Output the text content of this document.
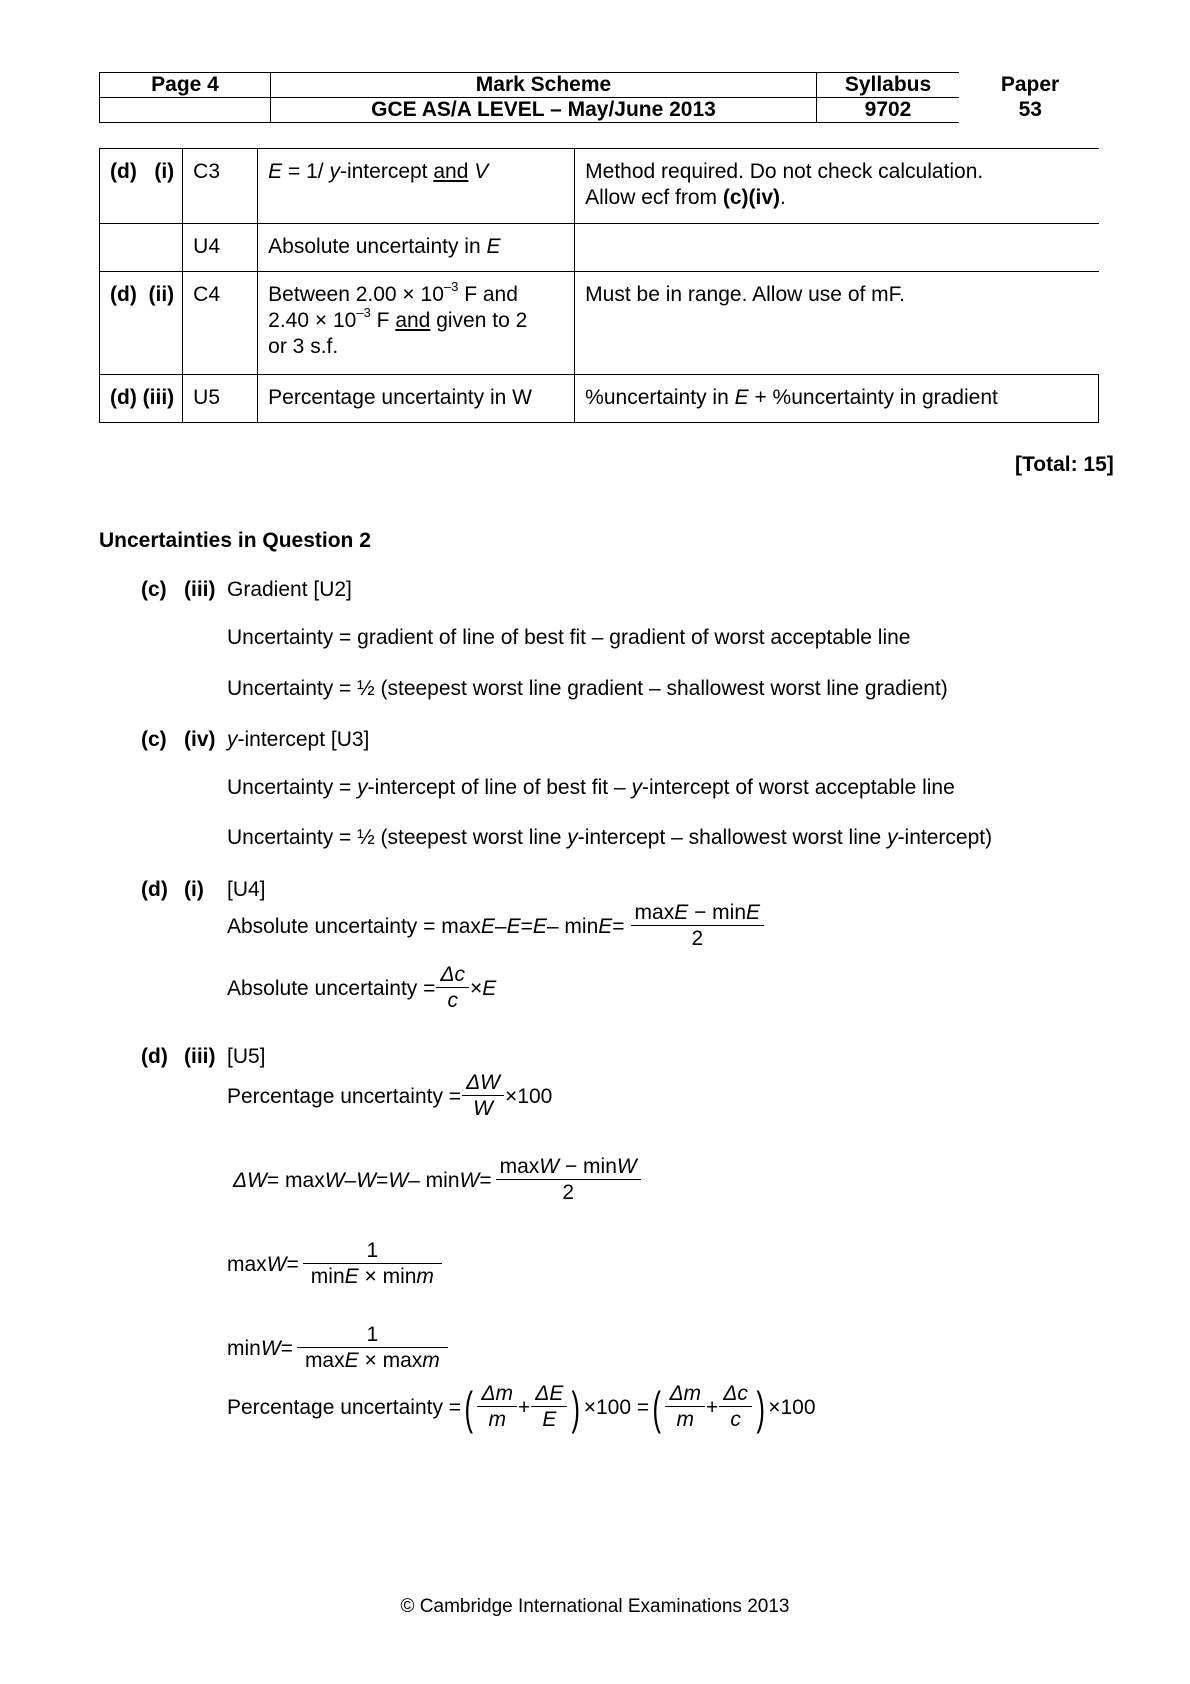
Page 4	Mark Scheme	Syllabus	Paper
	GCE AS/A LEVEL – May/June 2013	9702	53
(d) (i)	C3	E = 1/ y-intercept and V	Method required. Do not check calculation.
Allow ecf from (c)(iv).
	U4	Absolute uncertainty in E	
(d) (ii)	C4	Between $2.00 \times 10^{-3}$ F and
$2.40 \times 10^{-3}$ F and given to 2
or 3 s.f.	Must be in range. Allow use of mF.
(d) (iii)	U5	Percentage uncertainty in W	%uncertainty in E + %uncertainty in gradient
[Total: 15]
Uncertainties in Question 2
(c) (iii) Gradient [U2]
Uncertainty = gradient of line of best fit – gradient of worst acceptable line
Uncertainty = ½ (steepest worst line gradient – shallowest worst line gradient)
(c) (iv) y-intercept [U3]
Uncertainty = y-intercept of line of best fit – y-intercept of worst acceptable line
Uncertainty = ½ (steepest worst line y-intercept – shallowest worst line y-intercept)
(d) (i) [U4]
Absolute uncertainty = $\max E - E = E - \min E = \frac{\max E - \min E}{2}$
Absolute uncertainty = $\frac{\Delta c}{c} \times E$
(d) (iii) [U5]
Percentage uncertainty = $\frac{\Delta W}{W} \times 100$
$\Delta W = \max W - W = W - \min W = \frac{\max W - \min W}{2}$
$\max W = \frac{1}{\min E \times \min m}$
$\min W = \frac{1}{\max E \times \max m}$
Percentage uncertainty = ( $\frac{\Delta m}{m} + \frac{\Delta E}{E}$ ) ×100 = ( $\frac{\Delta m}{m} + \frac{\Delta c}{c}$ ) ×100
© Cambridge International Examinations 2013
